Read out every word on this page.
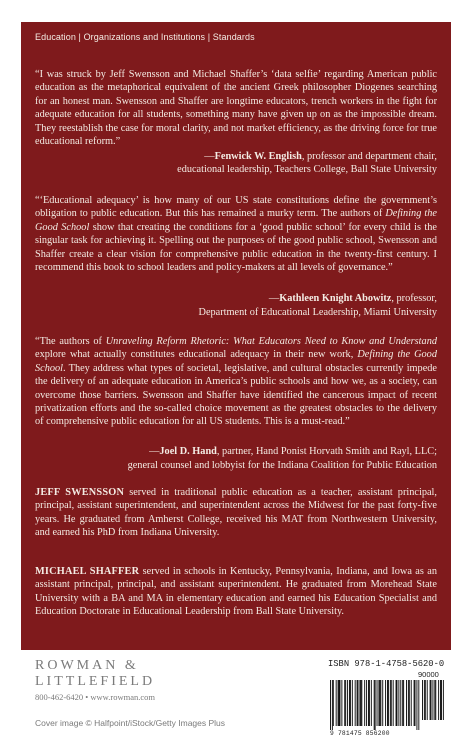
Education | Organizations and Institutions | Standards

“I was struck by Jeff Swensson and Michael Shaffer’s ‘data selfie’ regarding American public education as the metaphorical equivalent of the ancient Greek philosopher Diogenes searching for an honest man. Swensson and Shaffer are longtime educators, trench workers in the fight for adequate education for all students, something many have given up on as the impossible dream. They reestablish the case for moral clarity, and not market efficiency, as the driving force for true educational reform.”

—Fenwick W. English, professor and department chair,

educational leadership, Teachers College, Ball State University

“‘Educational adequacy’ is how many of our US state constitutions define the government’s obligation to public education. But this has remained a murky term. The authors of Defining the Good School show that creating the conditions for a ‘good public school’ for every child is the singular task for achieving it. Spelling out the purposes of the good public school, Swensson and Shaffer create a clear vision for comprehensive public education in the twenty-first century. I recommend this book to school leaders and policy-makers at all levels of governance.”

—Kathleen Knight Abowitz, professor,

Department of Educational Leadership, Miami University

“The authors of Unraveling Reform Rhetoric: What Educators Need to Know and Understand explore what actually constitutes educational adequacy in their new work, Defining the Good School. They address what types of societal, legislative, and cultural obstacles currently impede the delivery of an adequate education in America’s public schools and how we, as a society, can overcome those barriers. Swensson and Shaffer have identified the cancerous impact of recent privatization efforts and the so-called choice movement as the greatest obstacles to the delivery of comprehensive public education for all US students. This is a must-read.”

—Joel D. Hand, partner, Hand Ponist Horvath Smith and Rayl, LLC;

general counsel and lobbyist for the Indiana Coalition for Public Education

JEFF SWENSSON served in traditional public education as a teacher, assistant principal, principal, assistant superintendent, and superintendent across the Midwest for the past forty-five years. He graduated from Amherst College, received his MAT from Northwestern University, and earned his PhD from Indiana University.

MICHAEL SHAFFER served in schools in Kentucky, Pennsylvania, Indiana, and Iowa as an assistant principal, principal, and assistant superintendent. He graduated from Morehead State University with a BA and MA in elementary education and earned his Education Specialist and Education Doctorate in Educational Leadership from Ball State University.

ROWMAN &
LITTLEFIELD
800-462-6420 • www.rowman.com
Cover image © Halfpoint/iStock/Getty Images Plus
ISBN 978-1-4758-5620-0
90000
9 781475 856200
